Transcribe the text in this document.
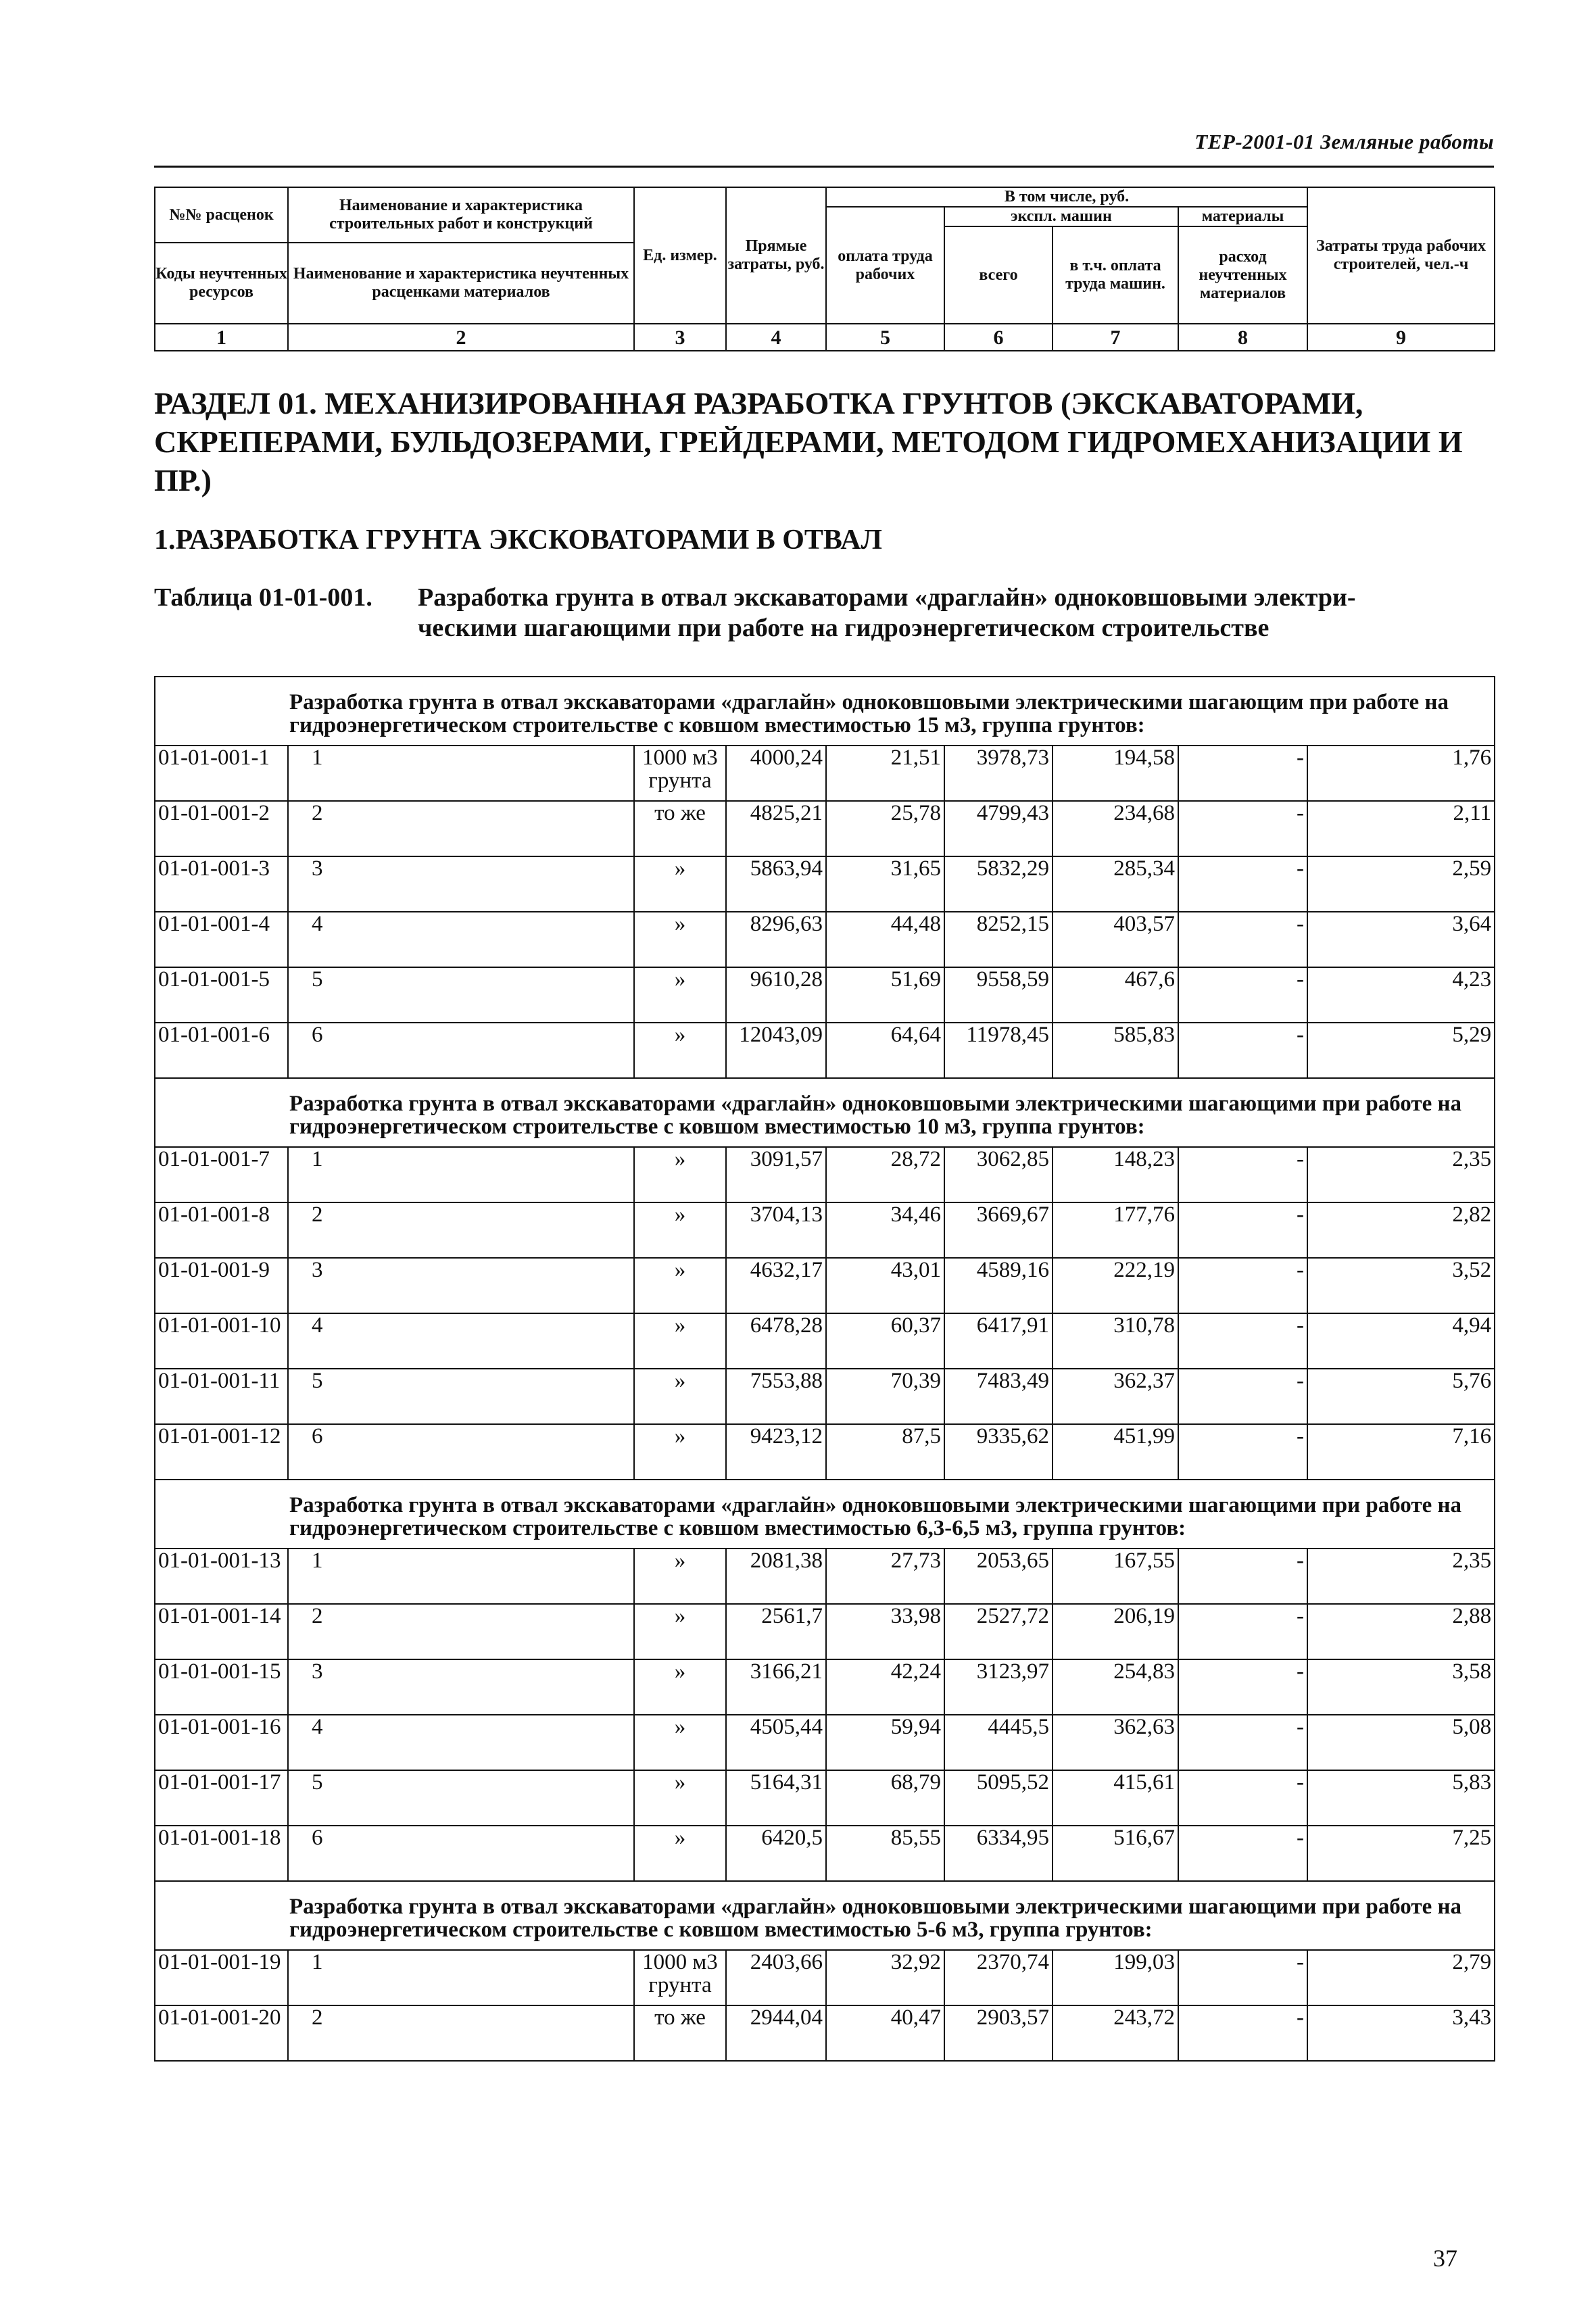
ТЕР-2001-01 Земляные работы
№№ расценок	Наименование и характеристика строительных работ и конструкций	Ед. измер.	Прямые затраты, руб.	В том числе, руб.				Затраты труда рабочих строителей, чел.-ч
				оплата труда рабочих	экспл. машин		материалы	
					всего	в т.ч. оплата труда машин.	расход неучтенных материалов	
Коды неучтенных ресурсов	Наименование и характеристика неучтенных расценками материалов							

1	2	3	4	5	6	7	8	9
РАЗДЕЛ 01. МЕХАНИЗИРОВАННАЯ РАЗРАБОТКА ГРУНТОВ (ЭКСКАВАТОРАМИ, СКРЕПЕРАМИ, БУЛЬДОЗЕРАМИ, ГРЕЙДЕРАМИ, МЕТОДОМ ГИДРОМЕХАНИЗАЦИИ И ПР.)
1.РАЗРАБОТКА ГРУНТА ЭКСКОВАТОРАМИ В ОТВАЛ
Таблица 01-01-001. Разработка грунта в отвал экскаваторами «драглайн» одноковшовыми электри-
ческими шагающими при работе на гидроэнергетическом строительстве
Разработка грунта в отвал экскаваторами «драглайн» одноковшовыми электрическими шагающим при работе на гидроэнергетическом строительстве с ковшом вместимостью 15 м3, группа грунтов:								
01-01-001-1	1	1000 м3 грунта	4000,24	21,51	3978,73	194,58	-	1,76
01-01-001-2	2	то же	4825,21	25,78	4799,43	234,68	-	2,11
01-01-001-3	3	»	5863,94	31,65	5832,29	285,34	-	2,59
01-01-001-4	4	»	8296,63	44,48	8252,15	403,57	-	3,64
01-01-001-5	5	»	9610,28	51,69	9558,59	467,6	-	4,23
01-01-001-6	6	»	12043,09	64,64	11978,45	585,83	-	5,29
Разработка грунта в отвал экскаваторами «драглайн» одноковшовыми электрическими шагающими при работе на гидроэнергетическом строительстве с ковшом вместимостью 10 м3, группа грунтов:								
01-01-001-7	1	»	3091,57	28,72	3062,85	148,23	-	2,35
01-01-001-8	2	»	3704,13	34,46	3669,67	177,76	-	2,82
01-01-001-9	3	»	4632,17	43,01	4589,16	222,19	-	3,52
01-01-001-10	4	»	6478,28	60,37	6417,91	310,78	-	4,94
01-01-001-11	5	»	7553,88	70,39	7483,49	362,37	-	5,76
01-01-001-12	6	»	9423,12	87,5	9335,62	451,99	-	7,16
Разработка грунта в отвал экскаваторами «драглайн» одноковшовыми электрическими шагающими при работе на гидроэнергетическом строительстве с ковшом вместимостью 6,3-6,5 м3, группа грунтов:								
01-01-001-13	1	»	2081,38	27,73	2053,65	167,55	-	2,35
01-01-001-14	2	»	2561,7	33,98	2527,72	206,19	-	2,88
01-01-001-15	3	»	3166,21	42,24	3123,97	254,83	-	3,58
01-01-001-16	4	»	4505,44	59,94	4445,5	362,63	-	5,08
01-01-001-17	5	»	5164,31	68,79	5095,52	415,61	-	5,83
01-01-001-18	6	»	6420,5	85,55	6334,95	516,67	-	7,25
Разработка грунта в отвал экскаваторами «драглайн» одноковшовыми электрическими шагающими при работе на гидроэнергетическом строительстве с ковшом вместимостью 5-6 м3, группа грунтов:								
01-01-001-19	1	1000 м3 грунта	2403,66	32,92	2370,74	199,03	-	2,79
01-01-001-20	2	то же	2944,04	40,47	2903,57	243,72	-	3,43
37
